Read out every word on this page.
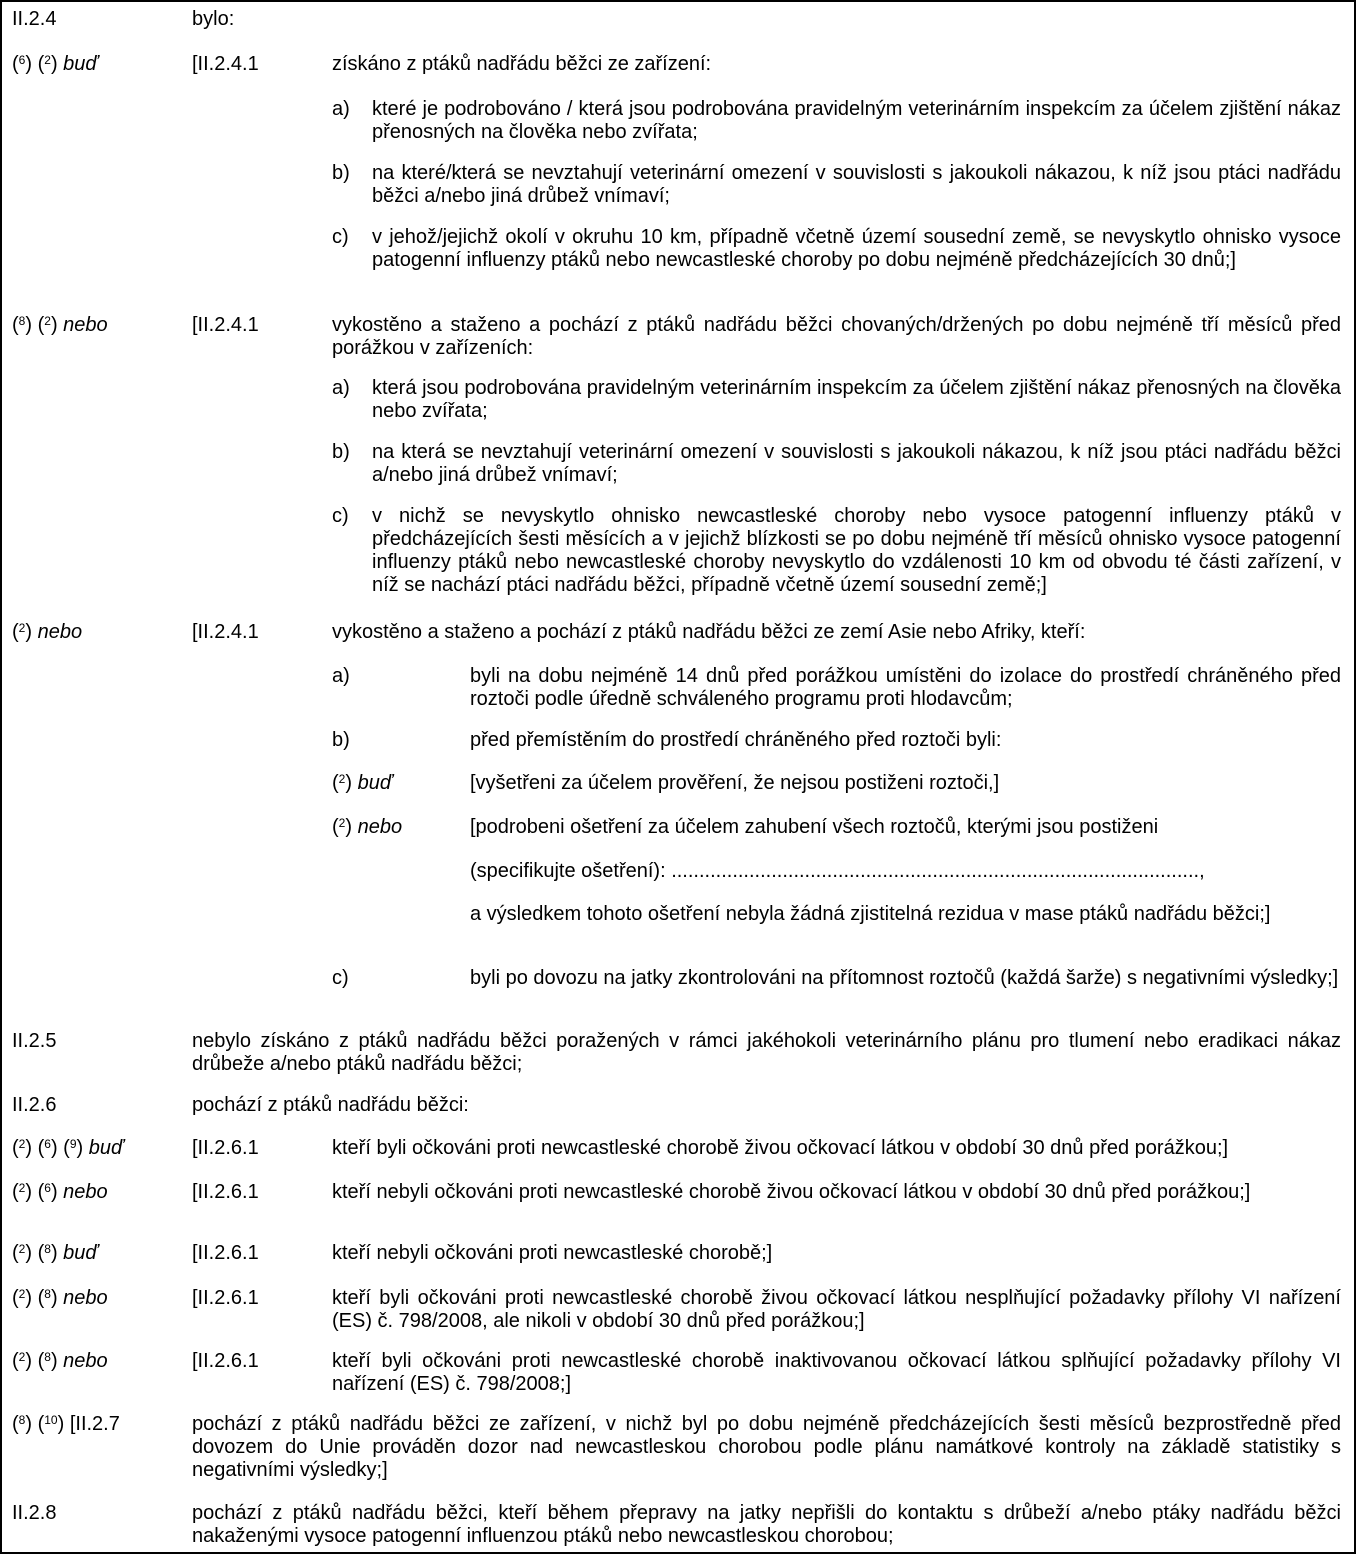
II.2.4	bylo:
($^6$) ($^2$) buď	[II.2.4.1	získáno z ptáků nadřádu běžci ze zařízení:
a) které je podrobováno / která jsou podrobována pravidelným veterinárním inspekcím za účelem zjištění nákaz přenosných na člověka nebo zvířata;
b) na které/která se nevztahují veterinární omezení v souvislosti s jakoukoli nákazou, k níž jsou ptáci nadřádu běžci a/nebo jiná drůbež vnímaví;
c) v jehož/jejichž okolí v okruhu 10 km, případně včetně území sousední země, se nevyskytlo ohnisko vysoce patogenní influenzy ptáků nebo newcastleské choroby po dobu nejméně předcházejících 30 dnů;]
($^8$) ($^2$) nebo	[II.2.4.1	vykostěno a staženo a pochází z ptáků nadřádu běžci chovaných/držených po dobu nejméně tří měsíců před porážkou v zařízeních:
a) která jsou podrobována pravidelným veterinárním inspekcím za účelem zjištění nákaz přenosných na člověka nebo zvířata;
b) na která se nevztahují veterinární omezení v souvislosti s jakoukoli nákazou, k níž jsou ptáci nadřádu běžci a/nebo jiná drůbež vnímaví;
c) v nichž se nevyskytlo ohnisko newcastleské choroby nebo vysoce patogenní influenzy ptáků v předcházejících šesti měsících a v jejichž blízkosti se po dobu nejméně tří měsíců ohnisko vysoce patogenní influenzy ptáků nebo newcastleské choroby nevyskytlo do vzdálenosti 10 km od obvodu té části zařízení, v níž se nachází ptáci nadřádu běžci, případně včetně území sousední země;]
($^2$) nebo	[II.2.4.1	vykostěno a staženo a pochází z ptáků nadřádu běžci ze zemí Asie nebo Afriky, kteří:
a)	byli na dobu nejméně 14 dnů před porážkou umístěni do izolace do prostředí chráněného před roztoči podle úředně schváleného programu proti hlodavcům;
b)	před přemístěním do prostředí chráněného před roztoči byli:
($^2$) buď	[vyšetřeni za účelem prověření, že nejsou postiženi roztoči,]
($^2$) nebo	[podrobeni ošetření za účelem zahubení všech roztočů, kterými jsou postiženi
(specifikujte ošetření): ...............................................................................................,
a výsledkem tohoto ošetření nebyla žádná zjistitelná rezidua v mase ptáků nadřádu běžci;]
c)	byli po dovozu na jatky zkontrolováni na přítomnost roztočů (každá šarže) s negativními výsledky;]
II.2.5	nebylo získáno z ptáků nadřádu běžci poražených v rámci jakéhokoli veterinárního plánu pro tlumení nebo eradikaci nákaz drůbeže a/nebo ptáků nadřádu běžci;
II.2.6	pochází z ptáků nadřádu běžci:
($^2$) ($^6$) ($^9$) buď	[II.2.6.1	kteří byli očkováni proti newcastleské chorobě živou očkovací látkou v období 30 dnů před porážkou;]
($^2$) ($^6$) nebo	[II.2.6.1	kteří nebyli očkováni proti newcastleské chorobě živou očkovací látkou v období 30 dnů před porážkou;]
($^2$) ($^8$) buď	[II.2.6.1	kteří nebyli očkováni proti newcastleské chorobě;]
($^2$) ($^8$) nebo	[II.2.6.1	kteří byli očkováni proti newcastleské chorobě živou očkovací látkou nesplňující požadavky přílohy VI nařízení (ES) č. 798/2008, ale nikoli v období 30 dnů před porážkou;]
($^2$) ($^8$) nebo	[II.2.6.1	kteří byli očkováni proti newcastleské chorobě inaktivovanou očkovací látkou splňující požadavky přílohy VI nařízení (ES) č. 798/2008;]
($^8$) ($^{10}$) [II.2.7	pochází z ptáků nadřádu běžci ze zařízení, v nichž byl po dobu nejméně předcházejících šesti měsíců bezprostředně před dovozem do Unie prováděn dozor nad newcastleskou chorobou podle plánu namátkové kontroly na základě statistiky s negativními výsledky;]
II.2.8	pochází z ptáků nadřádu běžci, kteří během přepravy na jatky nepřišli do kontaktu s drůbeží a/nebo ptáky nadřádu běžci nakaženými vysoce patogenní influenzou ptáků nebo newcastleskou chorobou;
